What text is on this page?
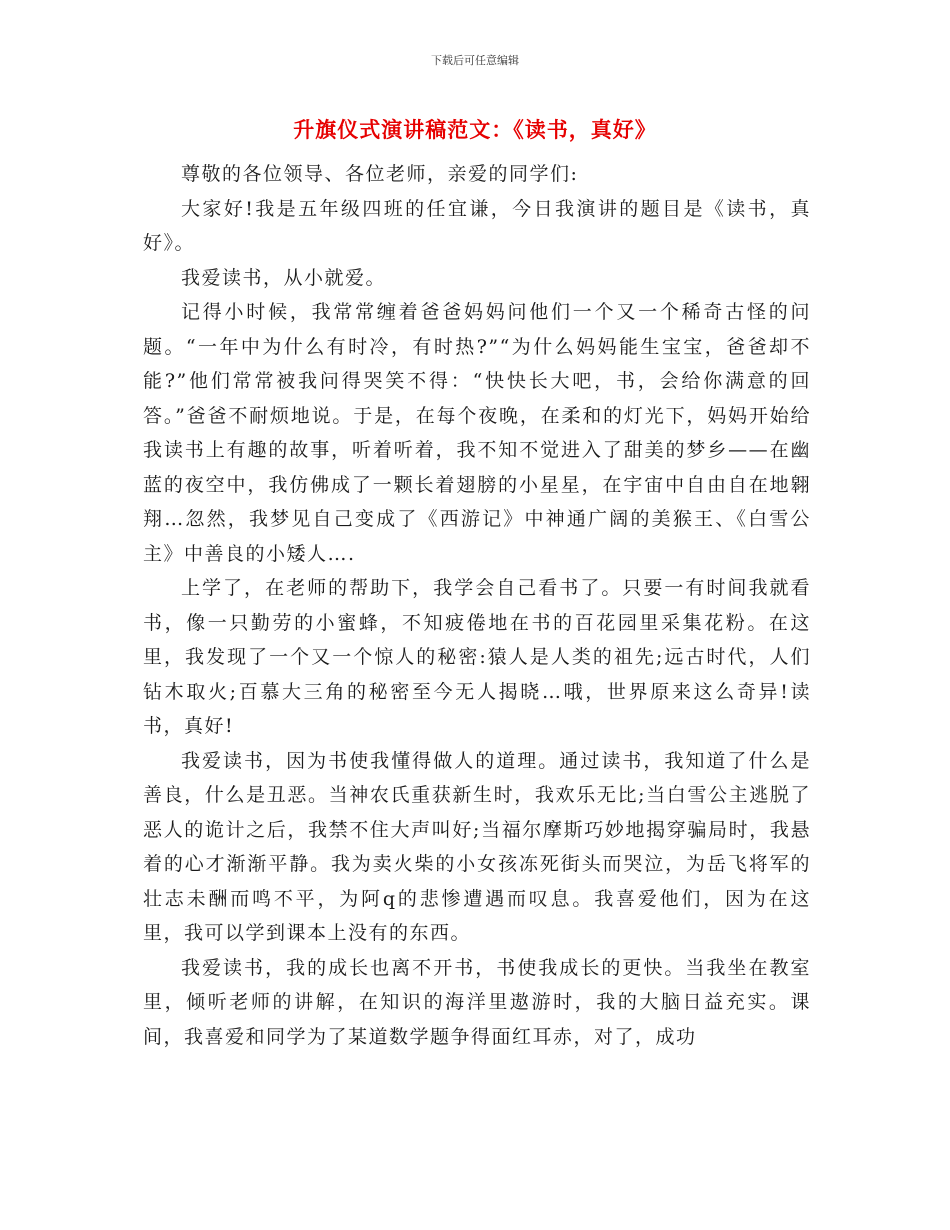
下载后可任意编辑
升旗仪式演讲稿范文：《读书，真好》

尊敬的各位领导、各位老师，亲爱的同学们:

大家好!我是五年级四班的任宜谦，今日我演讲的题目是《读书，真好》。

我爱读书，从小就爱。

记得小时候，我常常缠着爸爸妈妈问他们一个又一个稀奇古怪的问题。“一年中为什么有时冷，有时热?”“为什么妈妈能生宝宝，爸爸却不能?”他们常常被我问得哭笑不得：“快快长大吧，书，会给你满意的回答。”爸爸不耐烦地说。于是，在每个夜晚，在柔和的灯光下，妈妈开始给我读书上有趣的故事，听着听着，我不知不觉进入了甜美的梦乡——在幽蓝的夜空中，我仿佛成了一颗长着翅膀的小星星，在宇宙中自由自在地翱翔…忽然，我梦见自己变成了《西游记》中神通广阔的美猴王、《白雪公主》中善良的小矮人….

上学了，在老师的帮助下，我学会自己看书了。只要一有时间我就看书，像一只勤劳的小蜜蜂，不知疲倦地在书的百花园里采集花粉。在这里，我发现了一个又一个惊人的秘密:猿人是人类的祖先;远古时代，人们钻木取火;百慕大三角的秘密至今无人揭晓…哦，世界原来这么奇异!读书，真好!

我爱读书，因为书使我懂得做人的道理。通过读书，我知道了什么是善良，什么是丑恶。当神农氏重获新生时，我欢乐无比;当白雪公主逃脱了恶人的诡计之后，我禁不住大声叫好;当福尔摩斯巧妙地揭穿骗局时，我悬着的心才渐渐平静。我为卖火柴的小女孩冻死街头而哭泣，为岳飞将军的壮志未酬而鸣不平，为阿q的悲惨遭遇而叹息。我喜爱他们，因为在这里，我可以学到课本上没有的东西。

我爱读书，我的成长也离不开书，书使我成长的更快。当我坐在教室里，倾听老师的讲解，在知识的海洋里遨游时，我的大脑日益充实。课间，我喜爱和同学为了某道数学题争得面红耳赤，对了，成功
